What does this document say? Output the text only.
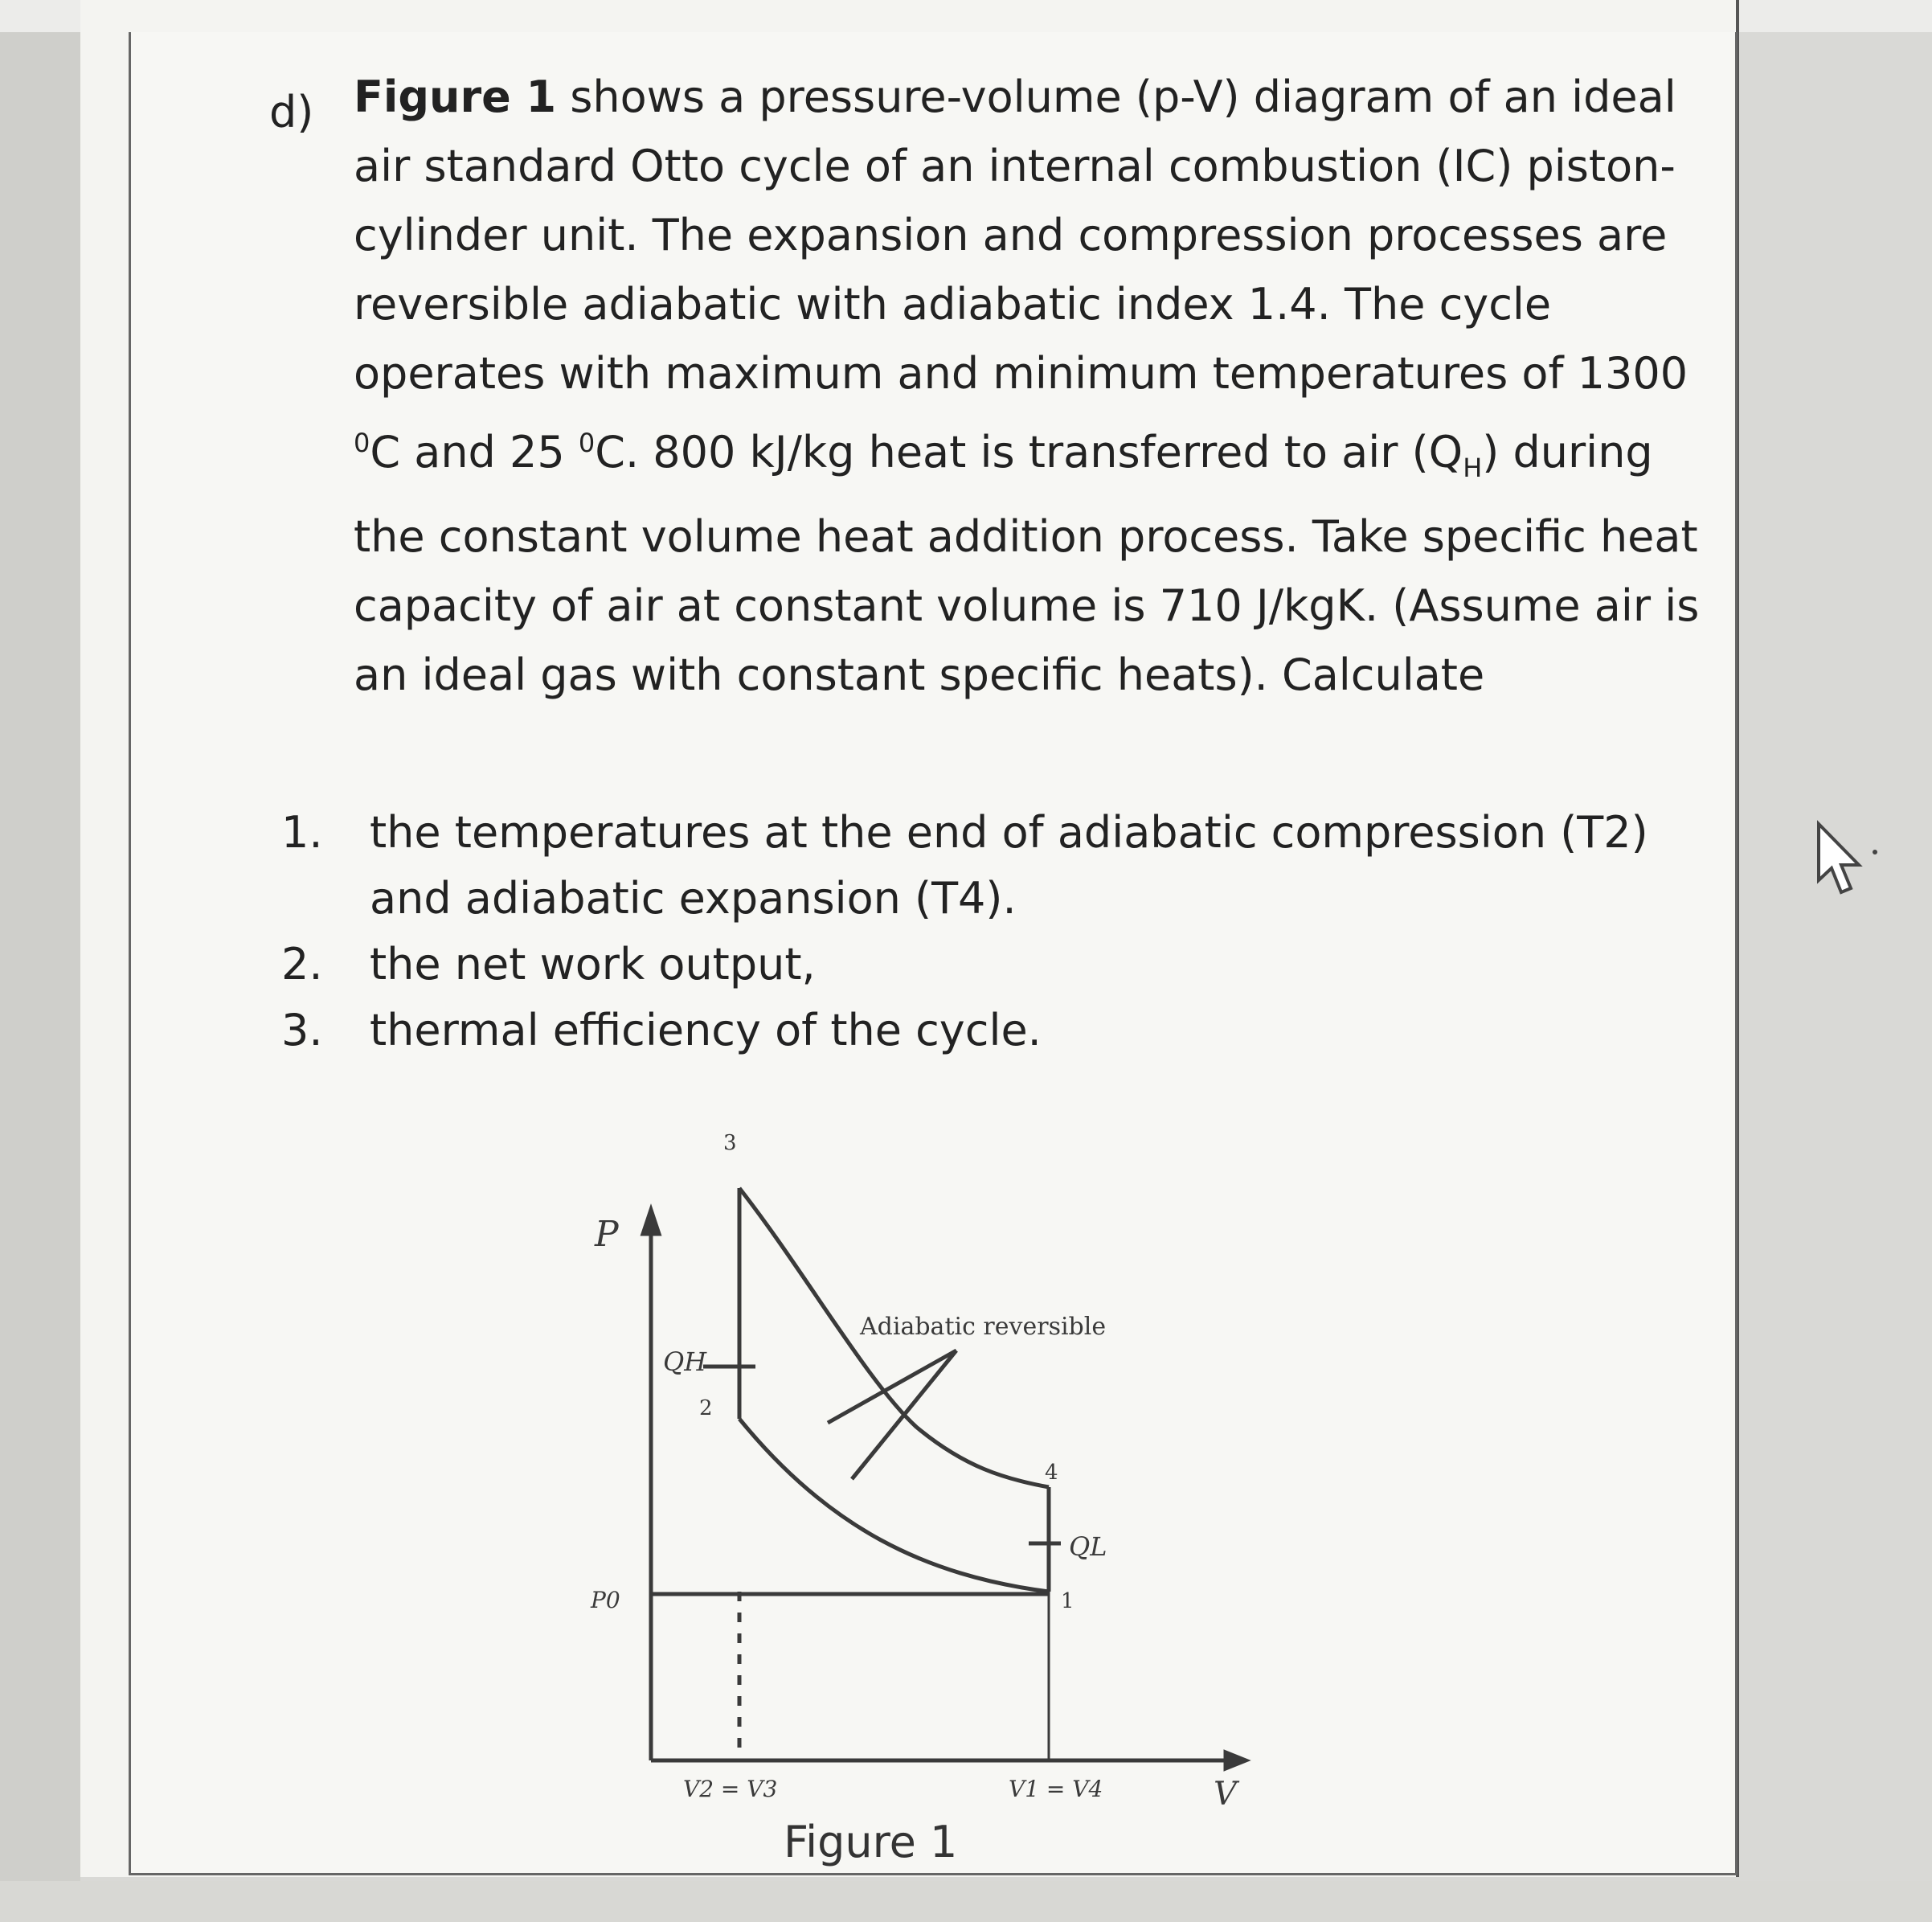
d) Figure 1 shows a pressure-volume (p-V) diagram of an ideal air standard Otto cycle of an internal combustion (IC) piston-cylinder unit. The expansion and compression processes are reversible adiabatic with adiabatic index 1.4. The cycle operates with maximum and minimum temperatures of 1300 $^0$C and 25 $^0$C. 800 kJ/kg heat is transferred to air $(Q_H)$ during the constant volume heat addition process. Take specific heat capacity of air at constant volume is 710 J/kgK. (Assume air is an ideal gas with constant specific heats). Calculate

1.	the temperatures at the end of adiabatic compression (T2) and adiabatic expansion (T4).
2.	the net work output,
3.	thermal efficiency of the cycle.
P
V
P0
QH
QL
Adiabatic reversible
3
2
4
1
V2 = V3	V1 = V4
Figure 1
